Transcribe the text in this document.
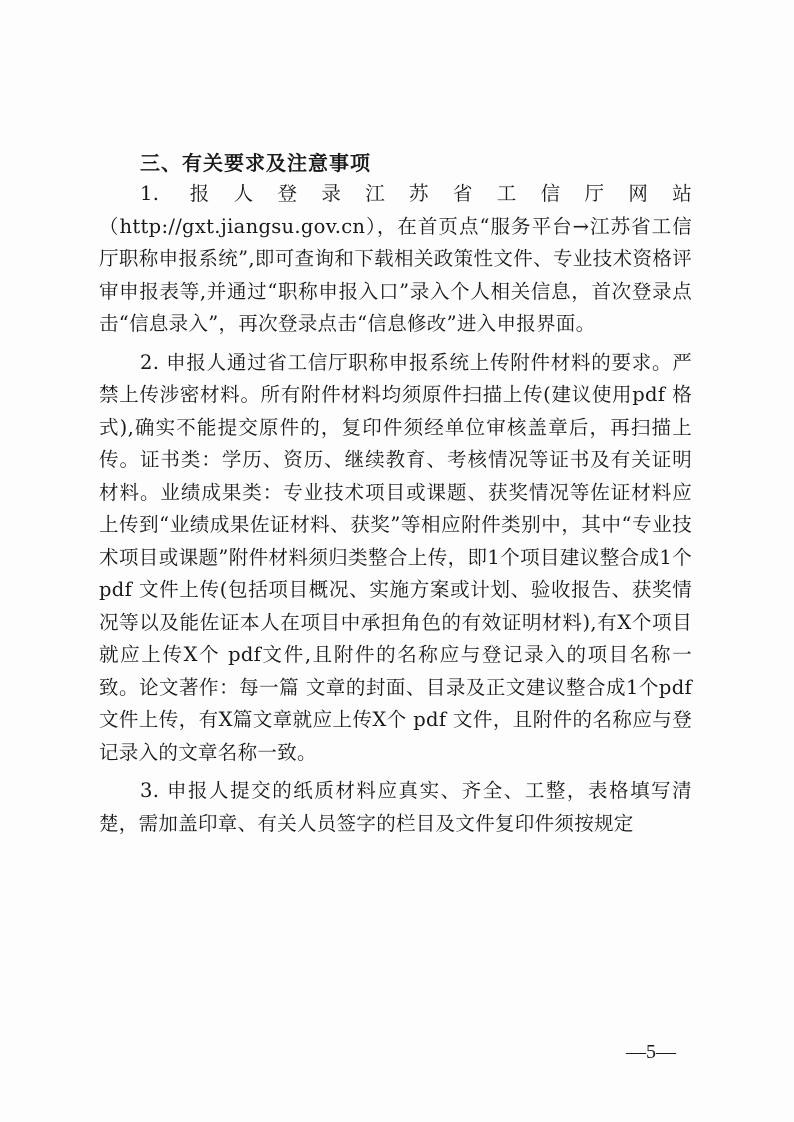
三、有关要求及注意事项

1. 报人登录江苏省工信厅网站（http://gxt.jiangsu.gov.cn），在首页点“服务平台→江苏省工信厅职称申报系统”,即可查询和下载相关政策性文件、专业技术资格评审申报表等,并通过“职称申报入口”录入个人相关信息，首次登录点击“信息录入”，再次登录点击“信息修改”进入申报界面。

2. 申报人通过省工信厅职称申报系统上传附件材料的要求。严禁上传涉密材料。所有附件材料均须原件扫描上传(建议使用pdf 格式),确实不能提交原件的，复印件须经单位审核盖章后，再扫描上传。证书类：学历、资历、继续教育、考核情况等证书及有关证明材料。业绩成果类：专业技术项目或课题、获奖情况等佐证材料应上传到“业绩成果佐证材料、获奖”等相应附件类别中，其中“专业技术项目或课题”附件材料须归类整合上传，即1个项目建议整合成1个 pdf 文件上传(包括项目概况、实施方案或计划、验收报告、获奖情况等以及能佐证本人在项目中承担角色的有效证明材料),有X个项目就应上传X个 pdf文件,且附件的名称应与登记录入的项目名称一致。论文著作：每一篇 文章的封面、目录及正文建议整合成1个pdf文件上传，有X篇文章就应上传X个 pdf 文件，且附件的名称应与登记录入的文章名称一致。

3. 申报人提交的纸质材料应真实、齐全、工整，表格填写清楚，需加盖印章、有关人员签字的栏目及文件复印件须按规定

—5—
